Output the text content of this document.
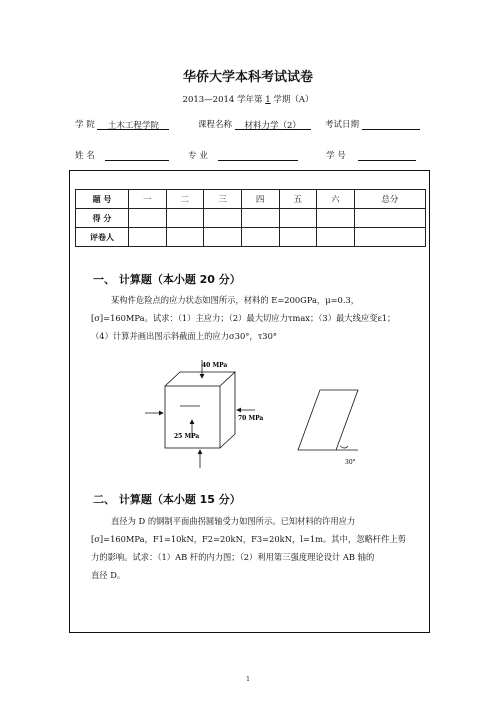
华侨大学本科考试试卷
2013—2014 学年第 1 学期（A）
学 院 土木工程学院	课程名称 材料力学（2）	考试日期
姓 名	专 业	学 号
题 号	一	二	三	四	五	六	总分
得 分							
评卷人							
一、 计算题（本小题 20 分）
某构件危险点的应力状态如图所示，材料的 E=200GPa，μ=0.3，
[σ]=160MPa。试求：（1）主应力；（2）最大切应力τmax；（3）最大线应变ε1；
（4）计算并画出图示斜截面上的应力σ30°，τ30°
40 MPa
70 MPa
25 MPa
30°
二、 计算题（本小题 15 分）
直径为 D 的钢制平面曲拐圆轴受力如图所示。已知材料的许用应力
[σ]=160MPa，F1=10kN，F2=20kN，F3=20kN，l=1m。其中，忽略杆件上剪
力的影响。试求：（1）AB 杆的内力图；（2）利用第三强度理论设计 AB 轴的
直径 D。
1
